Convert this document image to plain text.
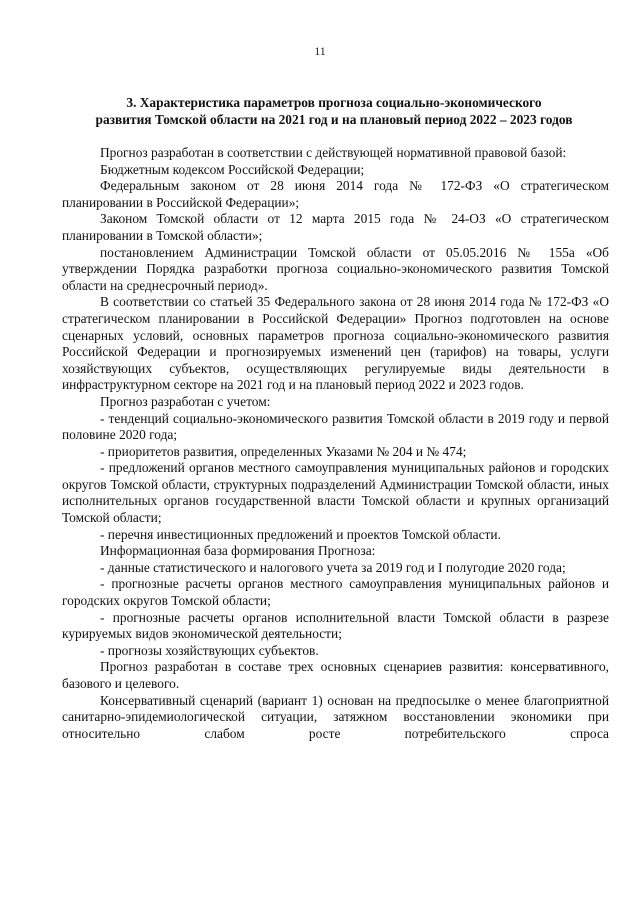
11
3. Характеристика параметров прогноза социально-экономического
развития Томской области на 2021 год и на плановый период 2022 – 2023 годов

Прогноз разработан в соответствии с действующей нормативной правовой базой:

Бюджетным кодексом Российской Федерации;

Федеральным законом от 28 июня 2014 года № 172-ФЗ «О стратегическом планировании в Российской Федерации»;

Законом Томской области от 12 марта 2015 года № 24-ОЗ «О стратегическом планировании в Томской области»;

постановлением Администрации Томской области от 05.05.2016 № 155а «Об утверждении Порядка разработки прогноза социально-экономического развития Томской области на среднесрочный период».

В соответствии со статьей 35 Федерального закона от 28 июня 2014 года № 172-ФЗ «О стратегическом планировании в Российской Федерации» Прогноз подготовлен на основе сценарных условий, основных параметров прогноза социально-экономического развития Российской Федерации и прогнозируемых изменений цен (тарифов) на товары, услуги хозяйствующих субъектов, осуществляющих регулируемые виды деятельности в инфраструктурном секторе на 2021 год и на плановый период 2022 и 2023 годов.

Прогноз разработан с учетом:

- тенденций социально-экономического развития Томской области в 2019 году и первой половине 2020 года;

- приоритетов развития, определенных Указами № 204 и № 474;

- предложений органов местного самоуправления муниципальных районов и городских округов Томской области, структурных подразделений Администрации Томской области, иных исполнительных органов государственной власти Томской области и крупных организаций Томской области;

- перечня инвестиционных предложений и проектов Томской области.

Информационная база формирования Прогноза:

- данные статистического и налогового учета за 2019 год и I полугодие 2020 года;

- прогнозные расчеты органов местного самоуправления муниципальных районов и городских округов Томской области;

- прогнозные расчеты органов исполнительной власти Томской области в разрезе курируемых видов экономической деятельности;

- прогнозы хозяйствующих субъектов.

Прогноз разработан в составе трех основных сценариев развития: консервативного, базового и целевого.

Консервативный сценарий (вариант 1) основан на предпосылке о менее благоприятной санитарно-эпидемиологической ситуации, затяжном восстановлении экономики при относительно слабом росте потребительского спроса
